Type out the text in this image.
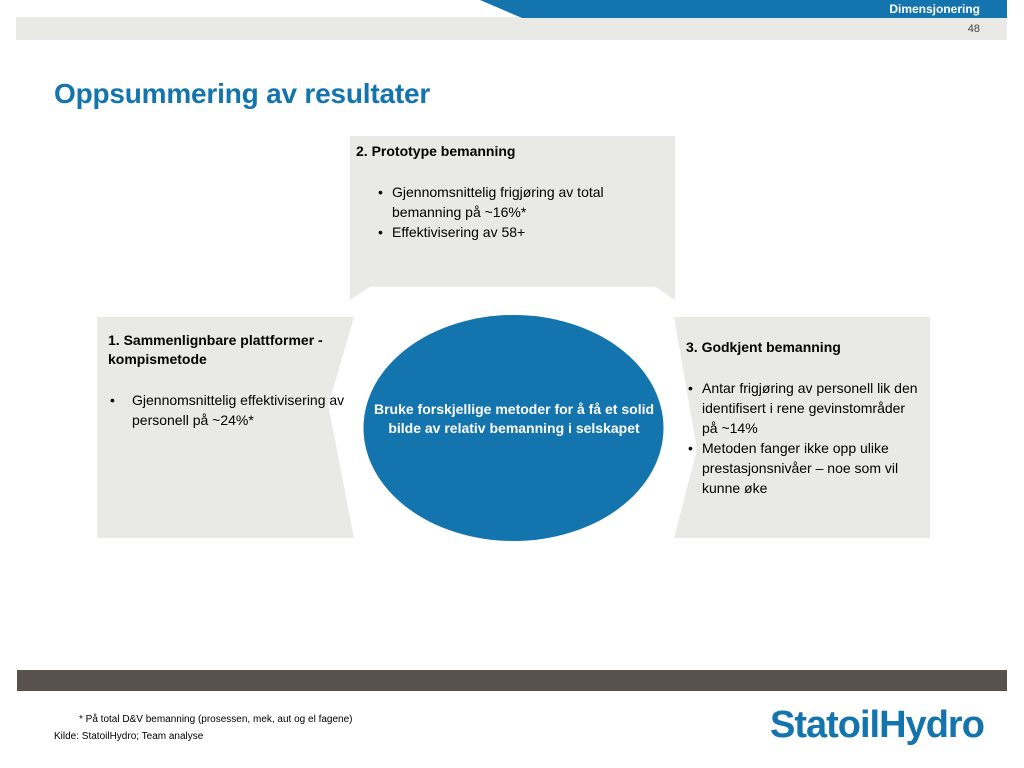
Dimensjonering
48
Oppsummering av resultater
2. Prototype bemanning
• Gjennomsnittelig frigjøring av total bemanning på ~16%*
• Effektivisering av 58+
1. Sammenlignbare plattformer - kompismetode
• Gjennomsnittelig effektivisering av personell på ~24%*
3. Godkjent bemanning
• Antar frigjøring av personell lik den identifisert i rene gevinstområder på ~14%
• Metoden fanger ikke opp ulike prestasjonsnivåer – noe som vil kunne øke
Bruke forskjellige metoder for å få et solid bilde av relativ bemanning i selskapet
* På total D&V bemanning (prosessen, mek, aut og el fagene)
Kilde: StatoilHydro; Team analyse	StatoilHydro
